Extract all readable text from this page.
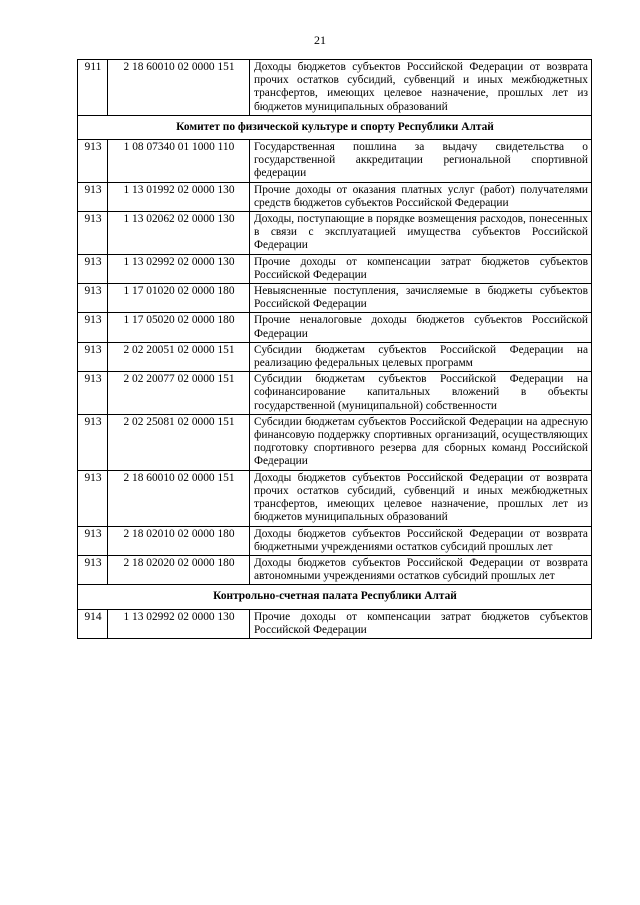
21
911	2 18 60010 02 0000 151	Доходы бюджетов субъектов Российской Федерации от возврата прочих остатков субсидий, субвенций и иных межбюджетных трансфертов, имеющих целевое назначение, прошлых лет из бюджетов муниципальных образований
Комитет по физической культуре и спорту Республики Алтай		
913	1 08 07340 01 1000 110	Государственная пошлина за выдачу свидетельства о государственной аккредитации региональной спортивной федерации
913	1 13 01992 02 0000 130	Прочие доходы от оказания платных услуг (работ) получателями средств бюджетов субъектов Российской Федерации
913	1 13 02062 02 0000 130	Доходы, поступающие в порядке возмещения расходов, понесенных в связи с эксплуатацией имущества субъектов Российской Федерации
913	1 13 02992 02 0000 130	Прочие доходы от компенсации затрат бюджетов субъектов Российской Федерации
913	1 17 01020 02 0000 180	Невыясненные поступления, зачисляемые в бюджеты субъектов Российской Федерации
913	1 17 05020 02 0000 180	Прочие неналоговые доходы бюджетов субъектов Российской Федерации
913	2 02 20051 02 0000 151	Субсидии бюджетам субъектов Российской Федерации на реализацию федеральных целевых программ
913	2 02 20077 02 0000 151	Субсидии бюджетам субъектов Российской Федерации на софинансирование капитальных вложений в объекты государственной (муниципальной) собственности
913	2 02 25081 02 0000 151	Субсидии бюджетам субъектов Российской Федерации на адресную финансовую поддержку спортивных организаций, осуществляющих подготовку спортивного резерва для сборных команд Российской Федерации
913	2 18 60010 02 0000 151	Доходы бюджетов субъектов Российской Федерации от возврата прочих остатков субсидий, субвенций и иных межбюджетных трансфертов, имеющих целевое назначение, прошлых лет из бюджетов муниципальных образований
913	2 18 02010 02 0000 180	Доходы бюджетов субъектов Российской Федерации от возврата бюджетными учреждениями остатков субсидий прошлых лет
913	2 18 02020 02 0000 180	Доходы бюджетов субъектов Российской Федерации от возврата автономными учреждениями остатков субсидий прошлых лет
Контрольно-счетная палата Республики Алтай		
914	1 13 02992 02 0000 130	Прочие доходы от компенсации затрат бюджетов субъектов Российской Федерации
